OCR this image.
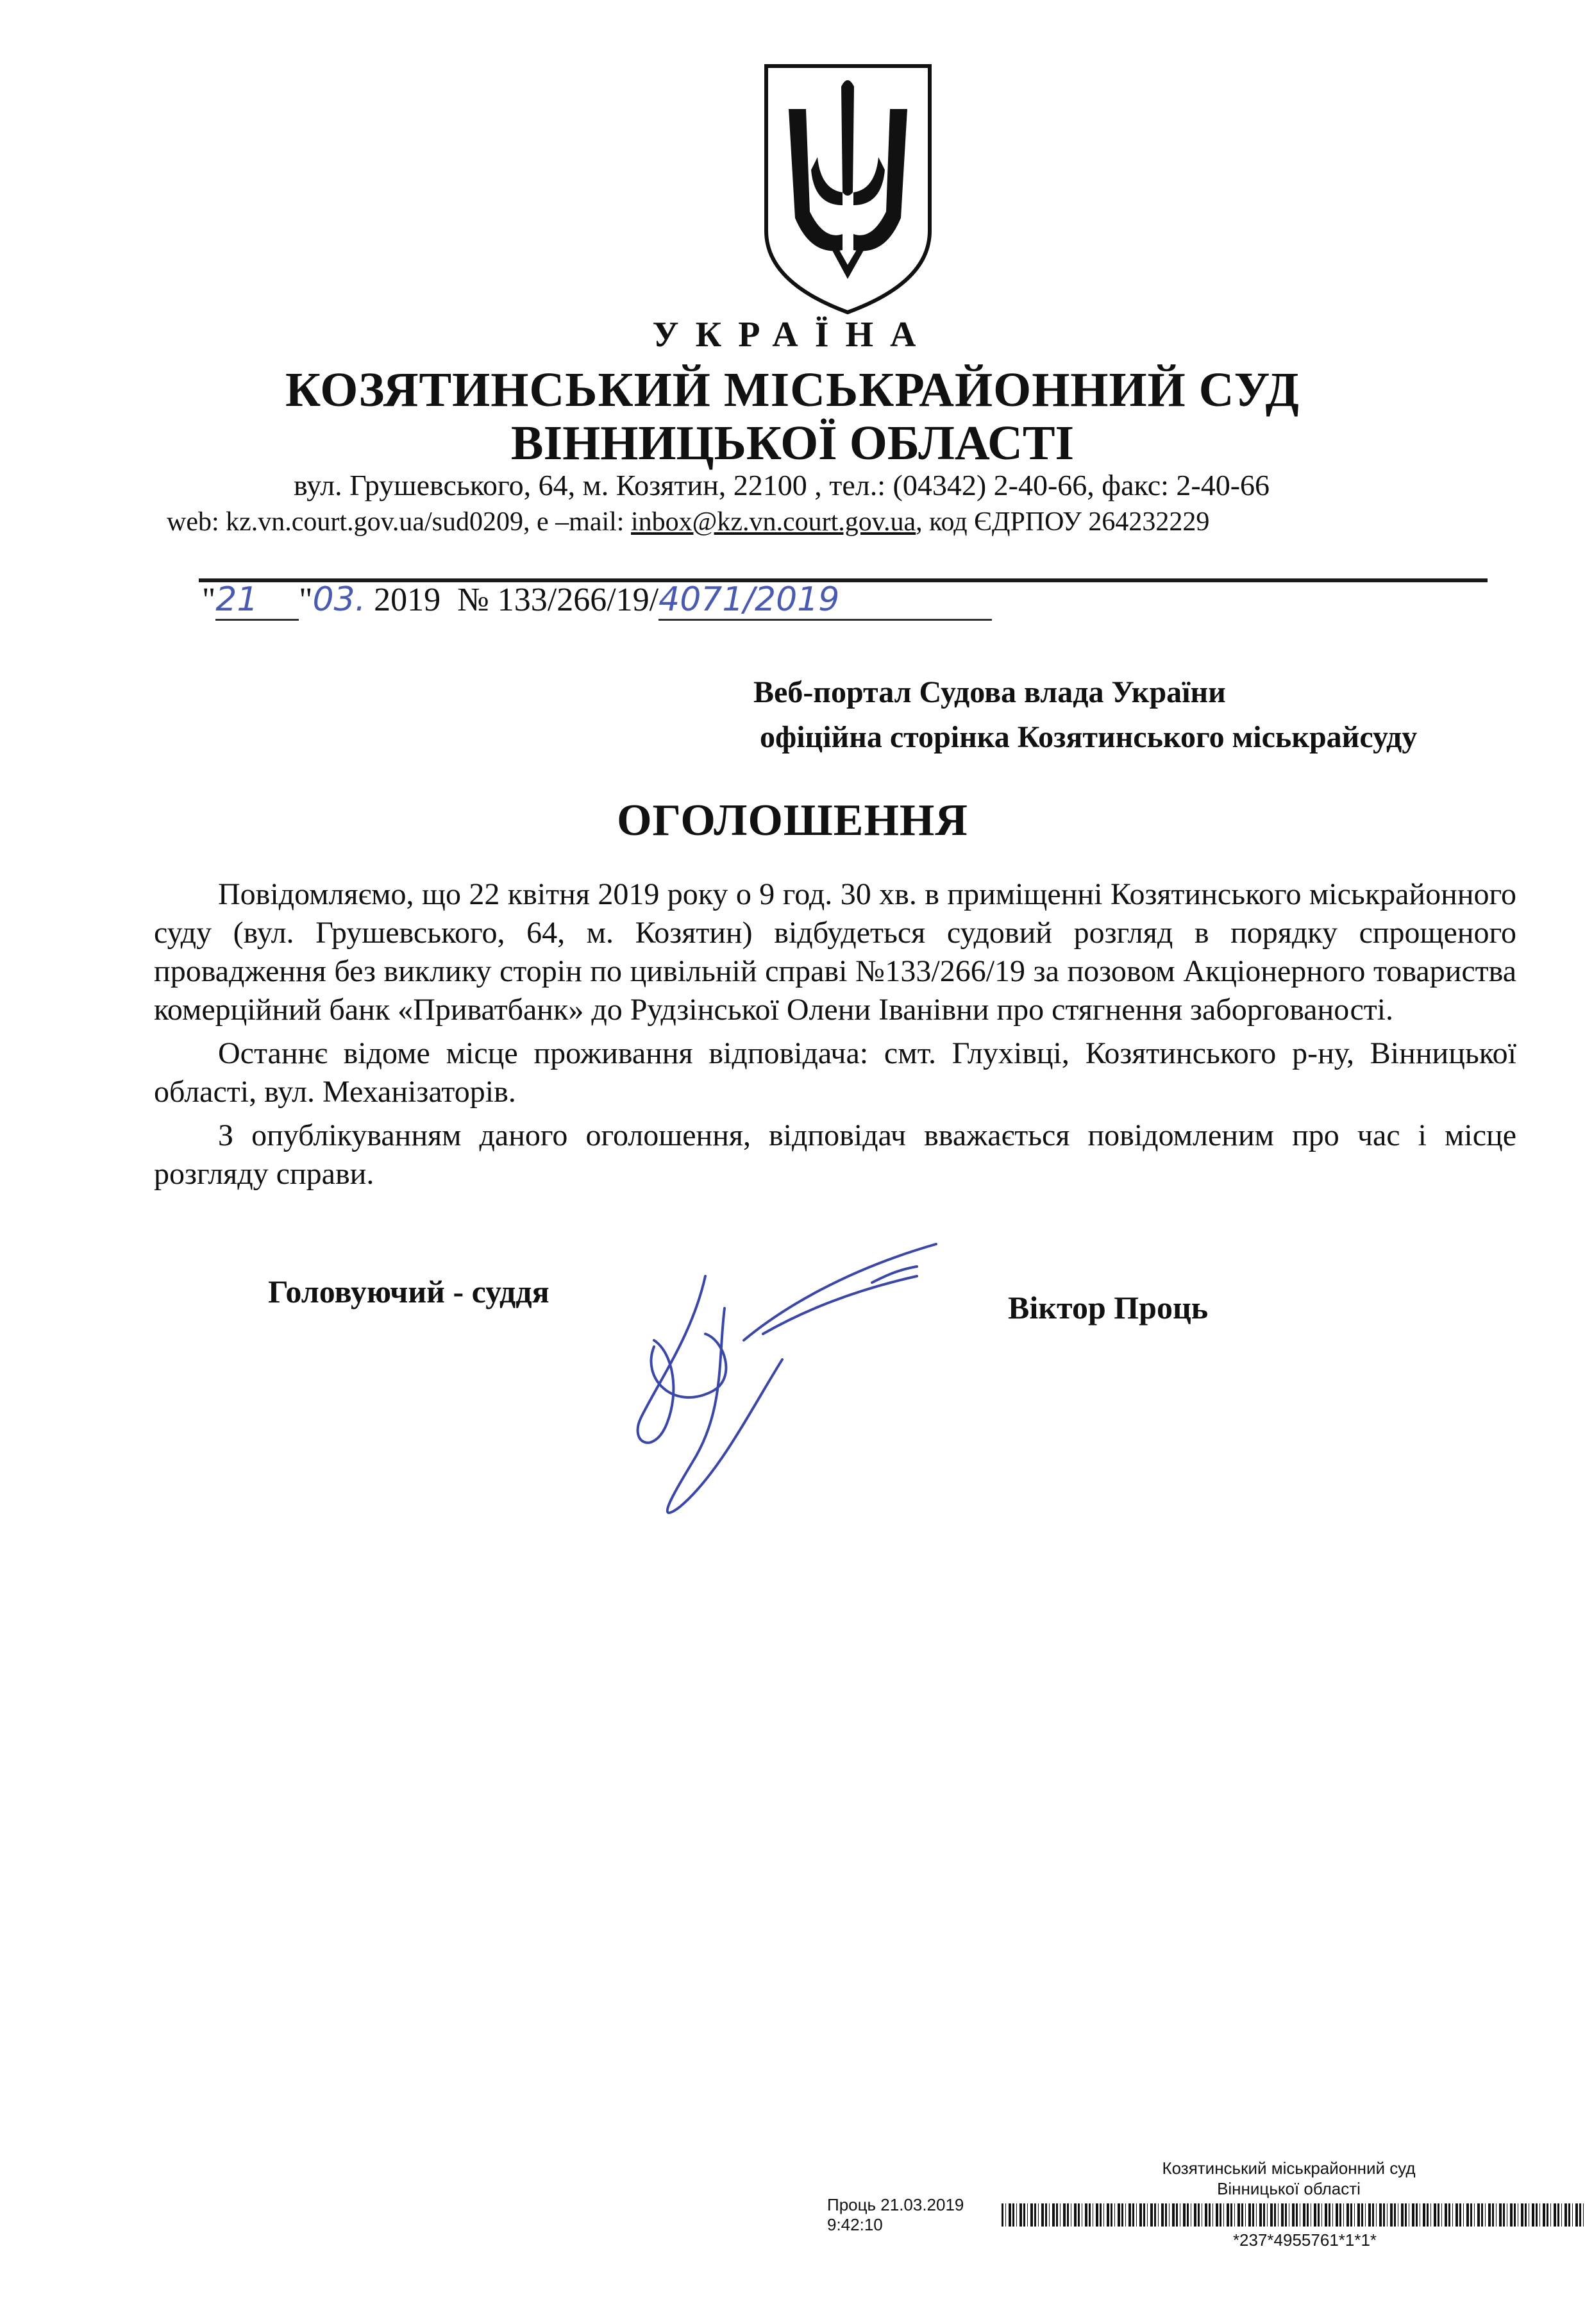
УКРАЇНА
КОЗЯТИНСЬКИЙ МІСЬКРАЙОННИЙ СУД
ВІННИЦЬКОЇ ОБЛАСТІ
вул. Грушевського, 64, м. Козятин, 22100 , тел.: (04342) 2-40-66, факс: 2-40-66
web: kz.vn.court.gov.ua/sud0209, е –mail: inbox@kz.vn.court.gov.ua, код ЄДРПОУ 264232229
"21 "03. 2019 № 133/266/19/4071/2019
Веб-портал Судова влада України
офіційна сторінка Козятинського міськрайсуду
ОГОЛОШЕННЯ

Повідомляємо, що 22 квітня 2019 року о 9 год. 30 хв. в приміщенні Козятинського міськрайонного суду (вул. Грушевського, 64, м. Козятин) відбудеться судовий розгляд в порядку спрощеного провадження без виклику сторін по цивільній справі №133/266/19 за позовом Акціонерного товариства комерційний банк «Приватбанк» до Рудзінської Олени Іванівни про стягнення заборгованості.

Останнє відоме місце проживання відповідача: смт. Глухівці, Козятинського р-ну, Вінницької області, вул. Механізаторів.

З опублікуванням даного оголошення, відповідач вважається повідомленим про час і місце розгляду справи.

Головуючий - суддя	Віктор Проць
Козятинський міськрайонний суд
Вінницької області
Проць 21.03.2019 9:42:10
*237*4955761*1*1*
